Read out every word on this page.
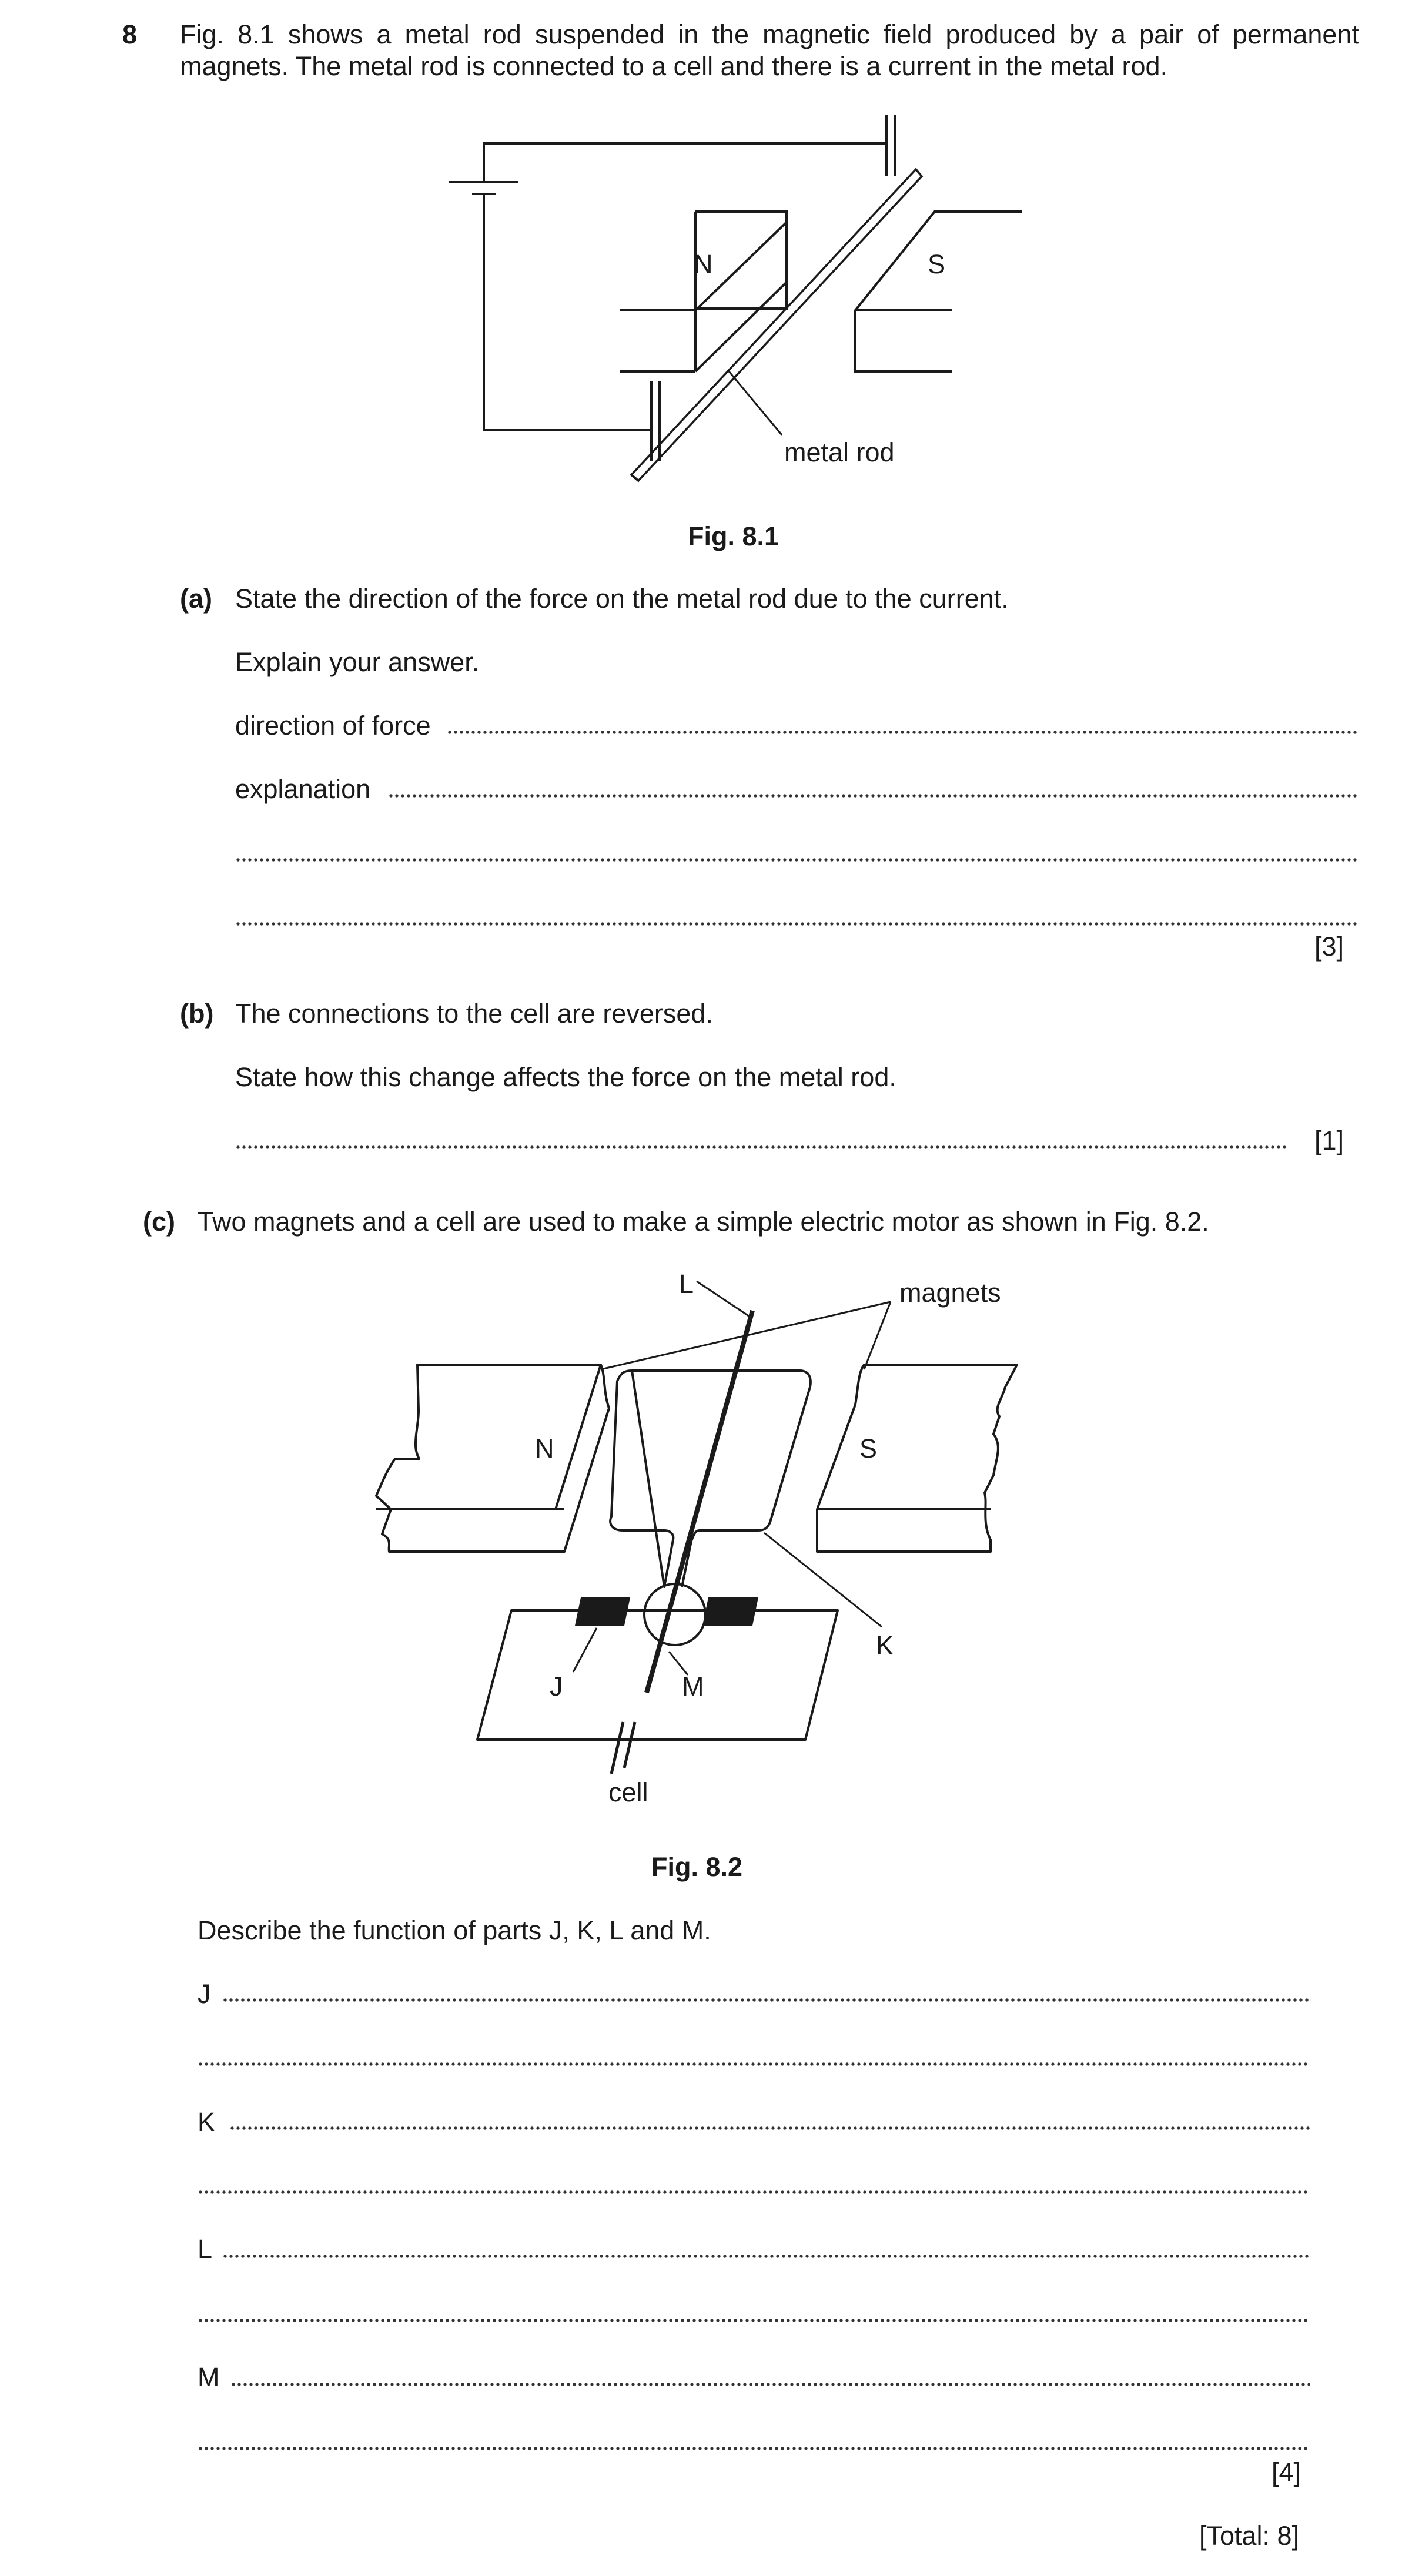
8 Fig. 8.1 shows a metal rod suspended in the magnetic field produced by a pair of permanent magnets. The metal rod is connected to a cell and there is a current in the metal rod.
N	S
metal rod
Fig. 8.1
(a) State the direction of the force on the metal rod due to the current.
Explain your answer.
direction of force
explanation
[3]
(b) The connections to the cell are reversed.
State how this change affects the force on the metal rod.
[1]
(c) Two magnets and a cell are used to make a simple electric motor as shown in Fig. 8.2.
L	magnets
N	S
K
J	M
cell
Fig. 8.2
Describe the function of parts J, K, L and M.
J
K
L
M
[4]
[Total: 8]
